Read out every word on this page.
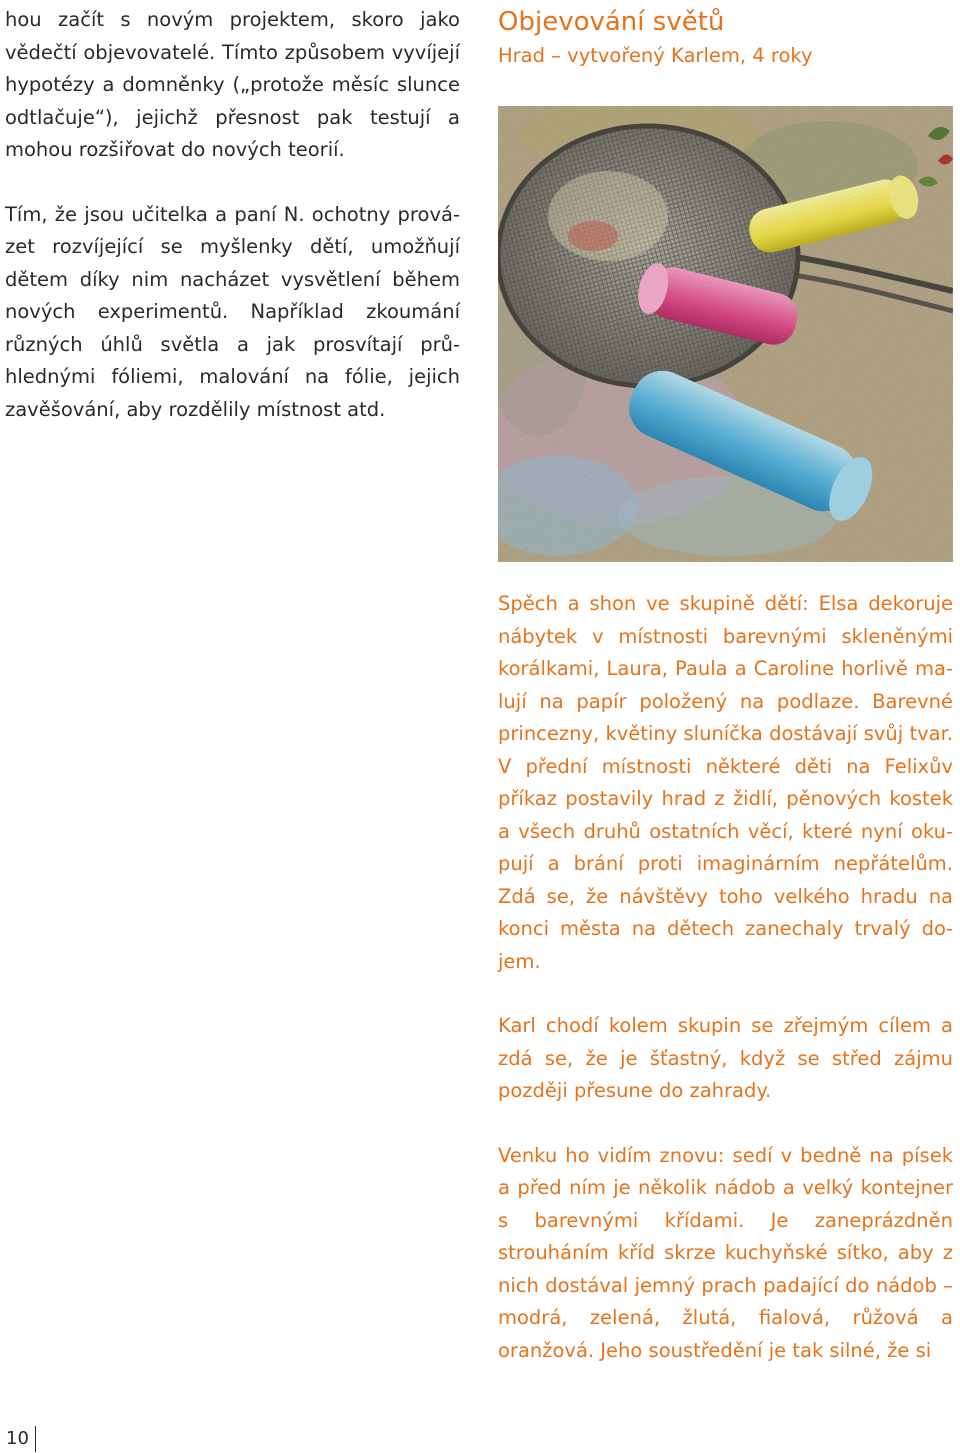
hou začít s novým projektem, skoro jako vědečtí objevovatelé. Tímto způsobem vyvíjejí hypotézy a domněnky („protože měsíc slunce odtlačuje“), jejichž přesnost pak testují a mohou rozšiřovat do nových teorií.

Tím, že jsou učitelka a paní N. ochotny provázet rozvíjející se myšlenky dětí, umožňují dětem díky nim nacházet vysvětlení během nových experimentů. Například zkoumání různých úhlů světla a jak prosvítají průhlednými fóliemi, malování na fólie, jejich zavěšování, aby rozdělily místnost atd.

Objevování světů

Hrad – vytvořený Karlem, 4 roky

Spěch a shon ve skupině dětí: Elsa dekoruje nábytek v místnosti barevnými skleněnými korálkami, Laura, Paula a Caroline horlivě malují na papír položený na podlaze. Barevné princezny, květiny sluníčka dostávají svůj tvar. V přední místnosti některé děti na Felixův příkaz postavily hrad z židlí, pěnových kostek a všech druhů ostatních věcí, které nyní okupují a brání proti imaginárním nepřátelům. Zdá se, že návštěvy toho velkého hradu na konci města na dětech zanechaly trvalý dojem.

Karl chodí kolem skupin se zřejmým cílem a zdá se, že je šťastný, když se střed zájmu později přesune do zahrady.

Venku ho vidím znovu: sedí v bedně na písek a před ním je několik nádob a velký kontejner s barevnými křídami. Je zaneprázdněn strouháním kříd skrze kuchyňské sítko, aby z nich dostával jemný prach padající do nádob – modrá, zelená, žlutá, fialová, růžová a oranžová. Jeho soustředění je tak silné, že si

10
